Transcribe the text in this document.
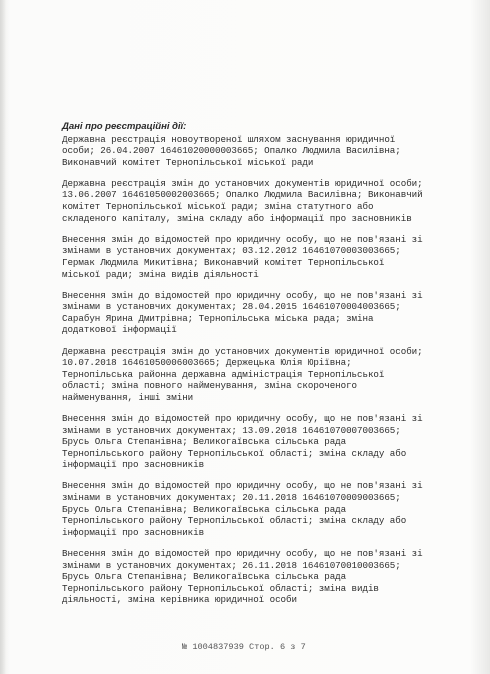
Дані про реєстраційні дії:
Державна реєстрація новоутвореної шляхом заснування юридичної
особи; 26.04.2007 16461020000003665; Опалко Людмила Василівна;
Виконавчий комітет Тернопільської міської ради
Державна реєстрація змін до установчих документів юридичної особи;
13.06.2007 16461050002003665; Опалко Людмила Василівна; Виконавчий
комітет Тернопільської міської ради; зміна статутного або
складеного капіталу, зміна складу або інформації про засновників
Внесення змін до відомостей про юридичну особу, що не пов'язані зі
змінами в установчих документах; 03.12.2012 16461070003003665;
Гермак Людмила Микитівна; Виконавчий комітет Тернопільської
міської ради; зміна видів діяльності
Внесення змін до відомостей про юридичну особу, що не пов'язані зі
змінами в установчих документах; 28.04.2015 16461070004003665;
Сарабун Ярина Дмитрівна; Тернопільська міська рада; зміна
додаткової інформації
Державна реєстрація змін до установчих документів юридичної особи;
10.07.2018 16461050006003665; Держецька Юлія Юріївна;
Тернопільська районна державна адміністрація Тернопільської
області; зміна повного найменування, зміна скороченого
найменування, інші зміни
Внесення змін до відомостей про юридичну особу, що не пов'язані зі
змінами в установчих документах; 13.09.2018 16461070007003665;
Брусь Ольга Степанівна; Великогаївська сільська рада
Тернопільського району Тернопільської області; зміна складу або
інформації про засновників
Внесення змін до відомостей про юридичну особу, що не пов'язані зі
змінами в установчих документах; 20.11.2018 16461070009003665;
Брусь Ольга Степанівна; Великогаївська сільська рада
Тернопільського району Тернопільської області; зміна складу або
інформації про засновників
Внесення змін до відомостей про юридичну особу, що не пов'язані зі
змінами в установчих документах; 26.11.2018 16461070010003665;
Брусь Ольга Степанівна; Великогаївська сільська рада
Тернопільського району Тернопільської області; зміна видів
діяльності, зміна керівника юридичної особи
№ 1004837939 Стор. 6 з 7
